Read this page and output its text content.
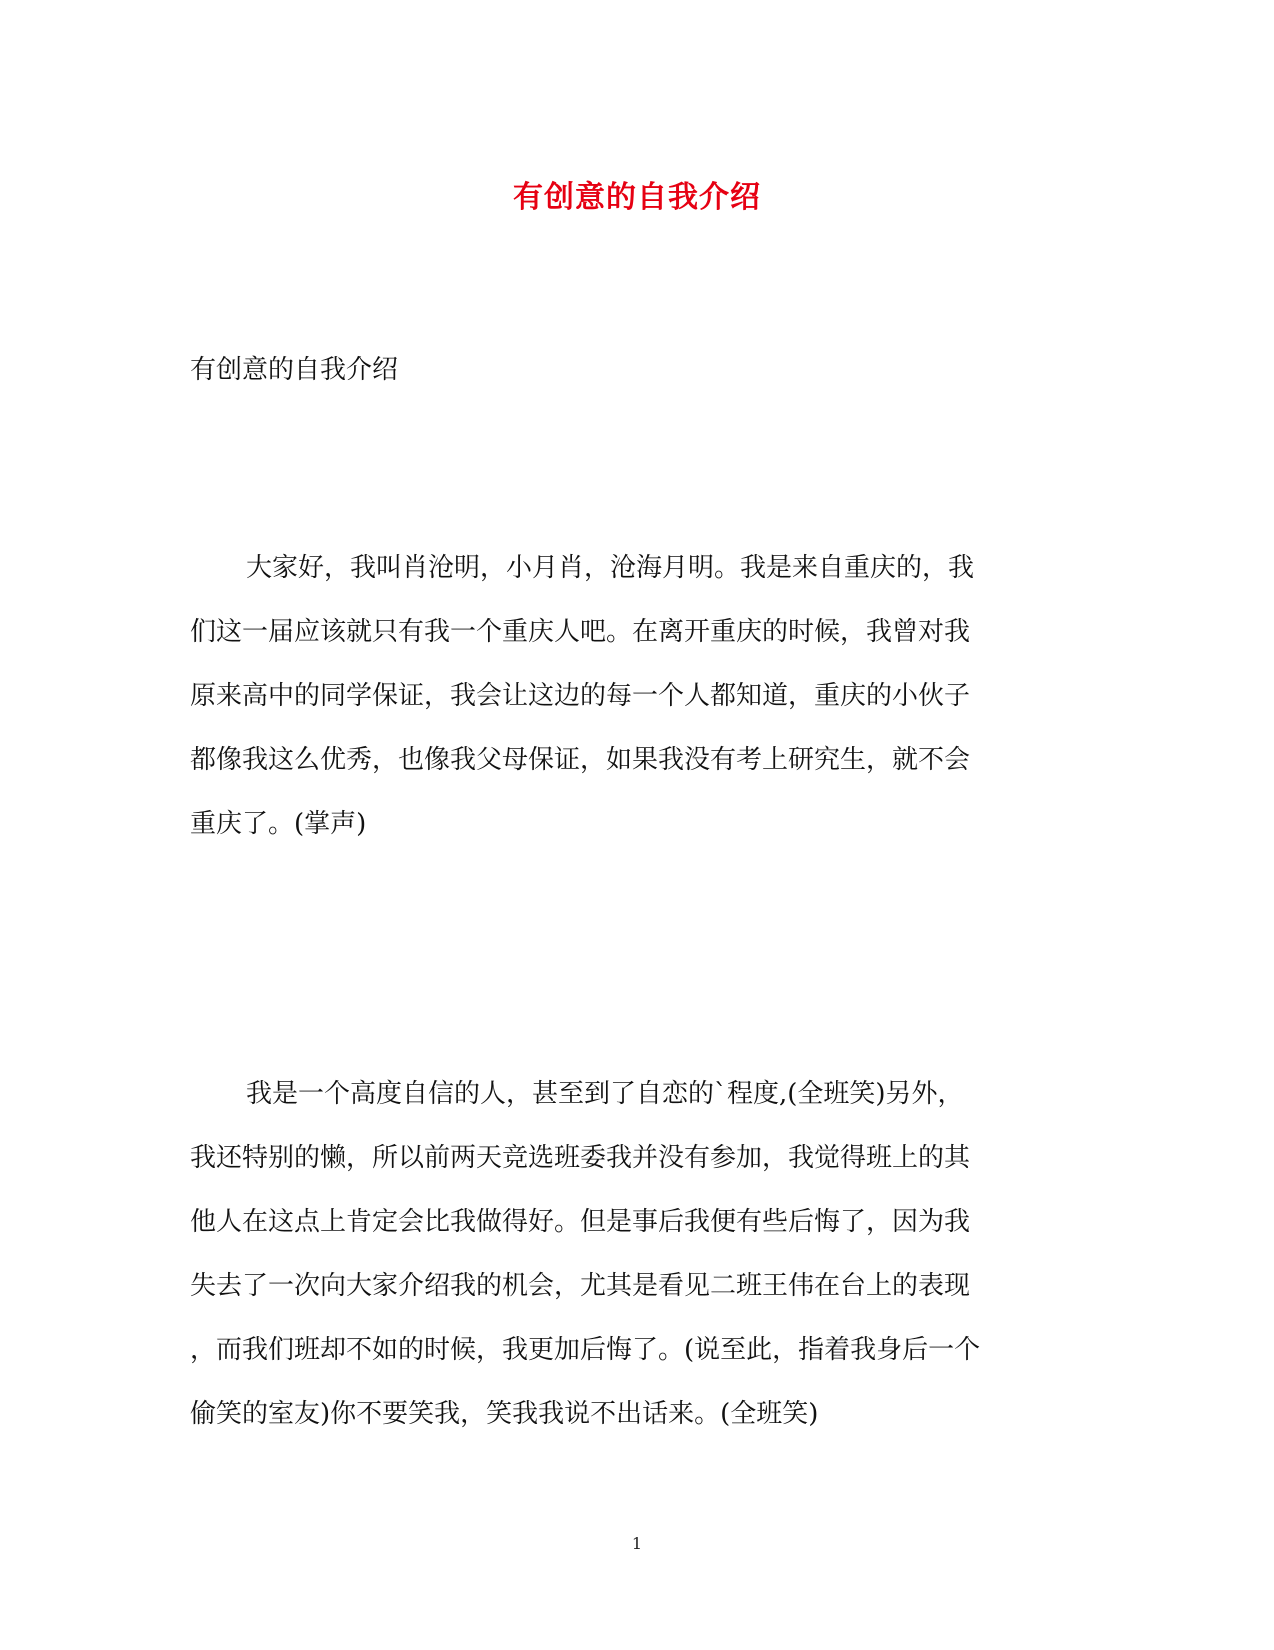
有创意的自我介绍
有创意的自我介绍
大家好，我叫肖沧明，小月肖，沧海月明。我是来自重庆的，我
们这一届应该就只有我一个重庆人吧。在离开重庆的时候，我曾对我
原来高中的同学保证，我会让这边的每一个人都知道，重庆的小伙子
都像我这么优秀，也像我父母保证，如果我没有考上研究生，就不会
重庆了。(掌声)
我是一个高度自信的人，甚至到了自恋的`程度,(全班笑)另外，
我还特别的懒，所以前两天竞选班委我并没有参加，我觉得班上的其
他人在这点上肯定会比我做得好。但是事后我便有些后悔了，因为我
失去了一次向大家介绍我的机会，尤其是看见二班王伟在台上的表现
，而我们班却不如的时候，我更加后悔了。(说至此，指着我身后一个
偷笑的室友)你不要笑我，笑我我说不出话来。(全班笑)
1
